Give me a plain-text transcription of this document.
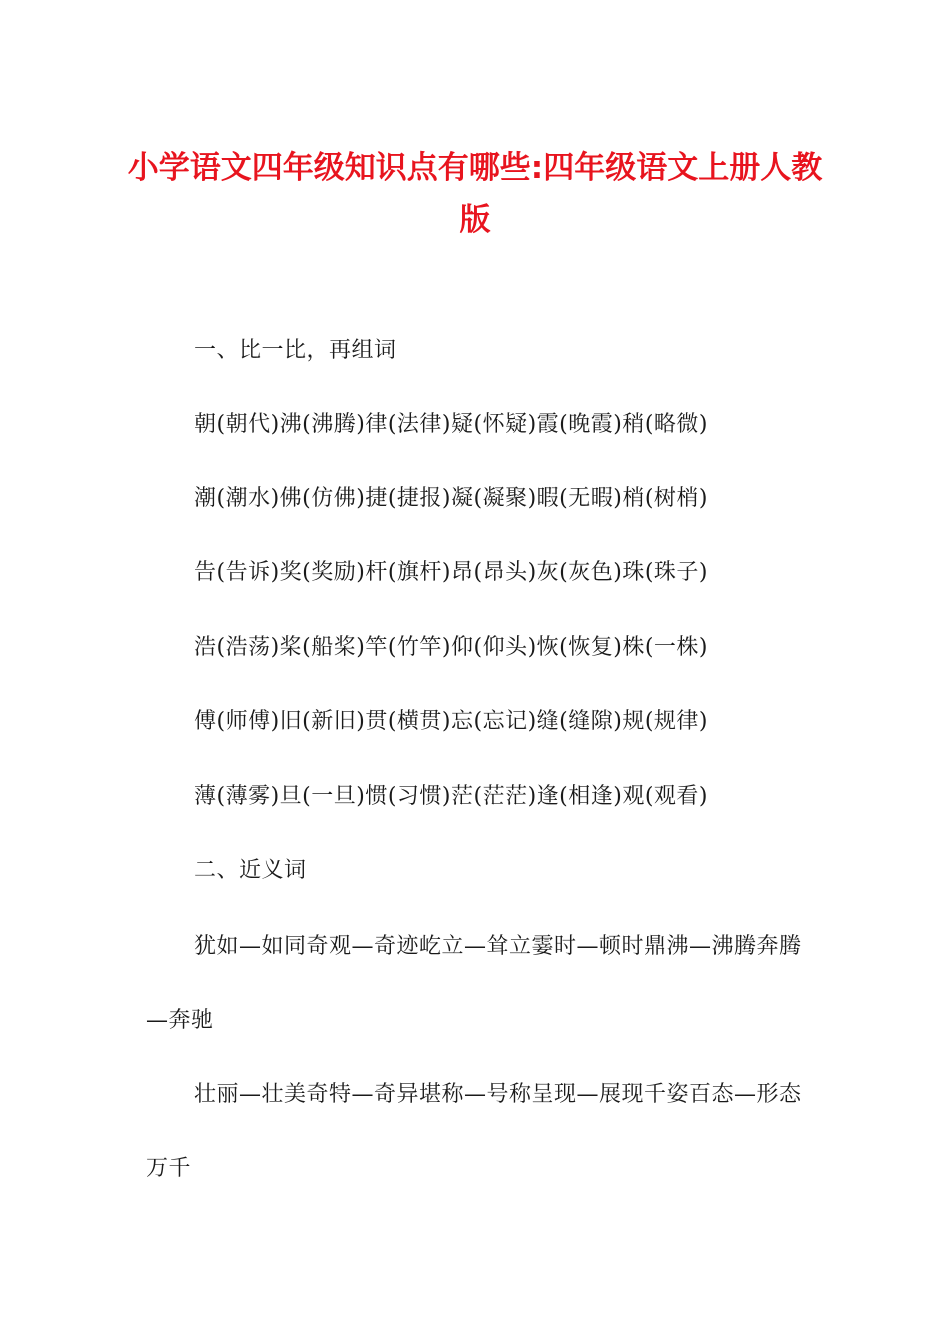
小学语文四年级知识点有哪些:四年级语文上册人教版

一、比一比，再组词

朝(朝代)沸(沸腾)律(法律)疑(怀疑)霞(晚霞)稍(略微)

潮(潮水)佛(仿佛)捷(捷报)凝(凝聚)暇(无暇)梢(树梢)

告(告诉)奖(奖励)杆(旗杆)昂(昂头)灰(灰色)珠(珠子)

浩(浩荡)桨(船桨)竿(竹竿)仰(仰头)恢(恢复)株(一株)

傅(师傅)旧(新旧)贯(横贯)忘(忘记)缝(缝隙)规(规律)

薄(薄雾)旦(一旦)惯(习惯)茫(茫茫)逢(相逢)观(观看)

二、近义词

犹如—如同奇观—奇迹屹立—耸立霎时—顿时鼎沸—沸腾奔腾—奔驰

壮丽—壮美奇特—奇异堪称—号称呈现—展现千姿百态—形态万千
